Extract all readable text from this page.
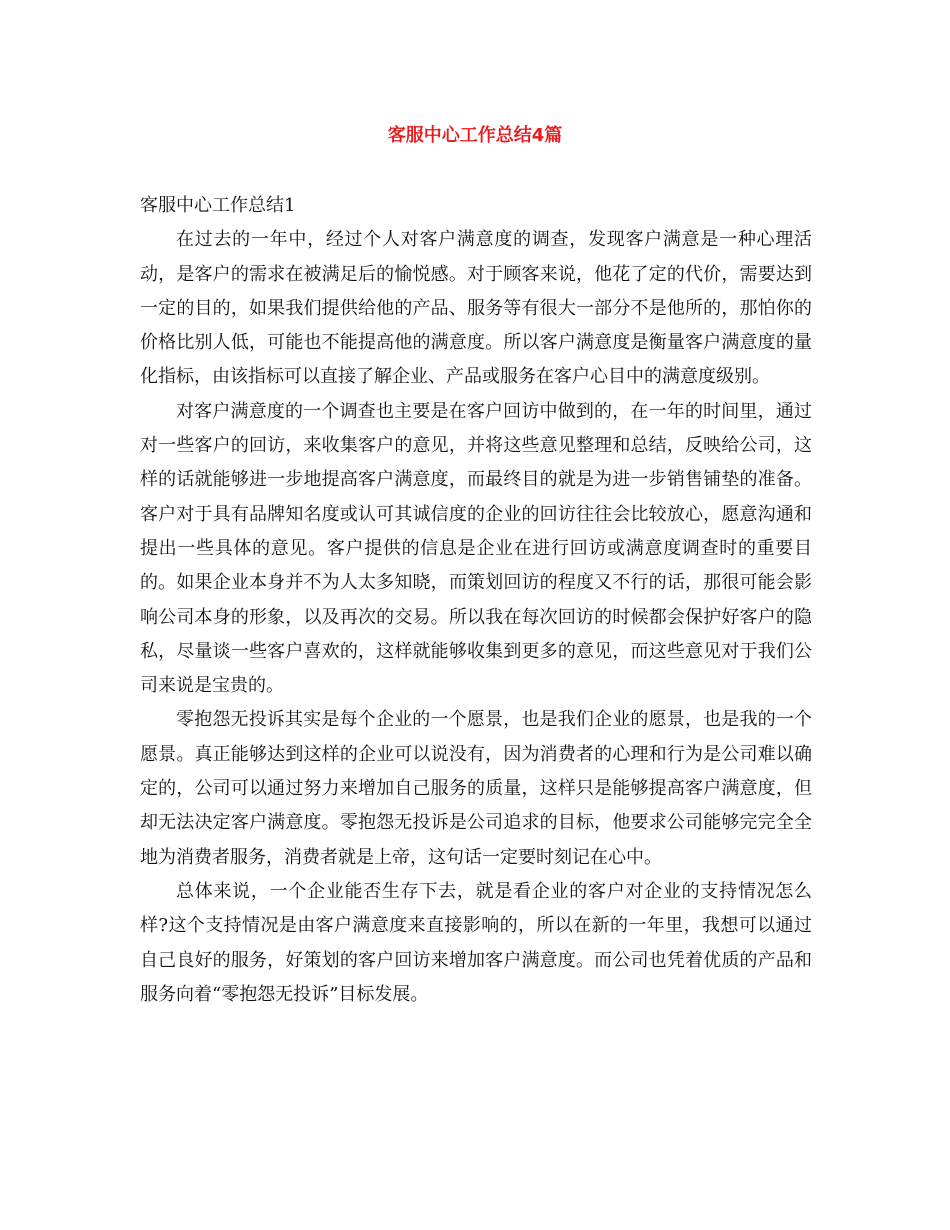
客服中心工作总结4篇

客服中心工作总结1

在过去的一年中，经过个人对客户满意度的调查，发现客户满意是一种心理活动，是客户的需求在被满足后的愉悦感。对于顾客来说，他花了定的代价，需要达到一定的目的，如果我们提供给他的产品、服务等有很大一部分不是他所的，那怕你的价格比别人低，可能也不能提高他的满意度。所以客户满意度是衡量客户满意度的量化指标，由该指标可以直接了解企业、产品或服务在客户心目中的满意度级别。

对客户满意度的一个调查也主要是在客户回访中做到的，在一年的时间里，通过对一些客户的回访，来收集客户的意见，并将这些意见整理和总结，反映给公司，这样的话就能够进一步地提高客户满意度，而最终目的就是为进一步销售铺垫的准备。客户对于具有品牌知名度或认可其诚信度的企业的回访往往会比较放心，愿意沟通和提出一些具体的意见。客户提供的信息是企业在进行回访或满意度调查时的重要目的。如果企业本身并不为人太多知晓，而策划回访的程度又不行的话，那很可能会影响公司本身的形象，以及再次的交易。所以我在每次回访的时候都会保护好客户的隐私，尽量谈一些客户喜欢的，这样就能够收集到更多的意见，而这些意见对于我们公司来说是宝贵的。

零抱怨无投诉其实是每个企业的一个愿景，也是我们企业的愿景，也是我的一个愿景。真正能够达到这样的企业可以说没有，因为消费者的心理和行为是公司难以确定的，公司可以通过努力来增加自己服务的质量，这样只是能够提高客户满意度，但却无法决定客户满意度。零抱怨无投诉是公司追求的目标，他要求公司能够完完全全地为消费者服务，消费者就是上帝，这句话一定要时刻记在心中。

总体来说，一个企业能否生存下去，就是看企业的客户对企业的支持情况怎么样?这个支持情况是由客户满意度来直接影响的，所以在新的一年里，我想可以通过自己良好的服务，好策划的客户回访来增加客户满意度。而公司也凭着优质的产品和服务向着“零抱怨无投诉”目标发展。
